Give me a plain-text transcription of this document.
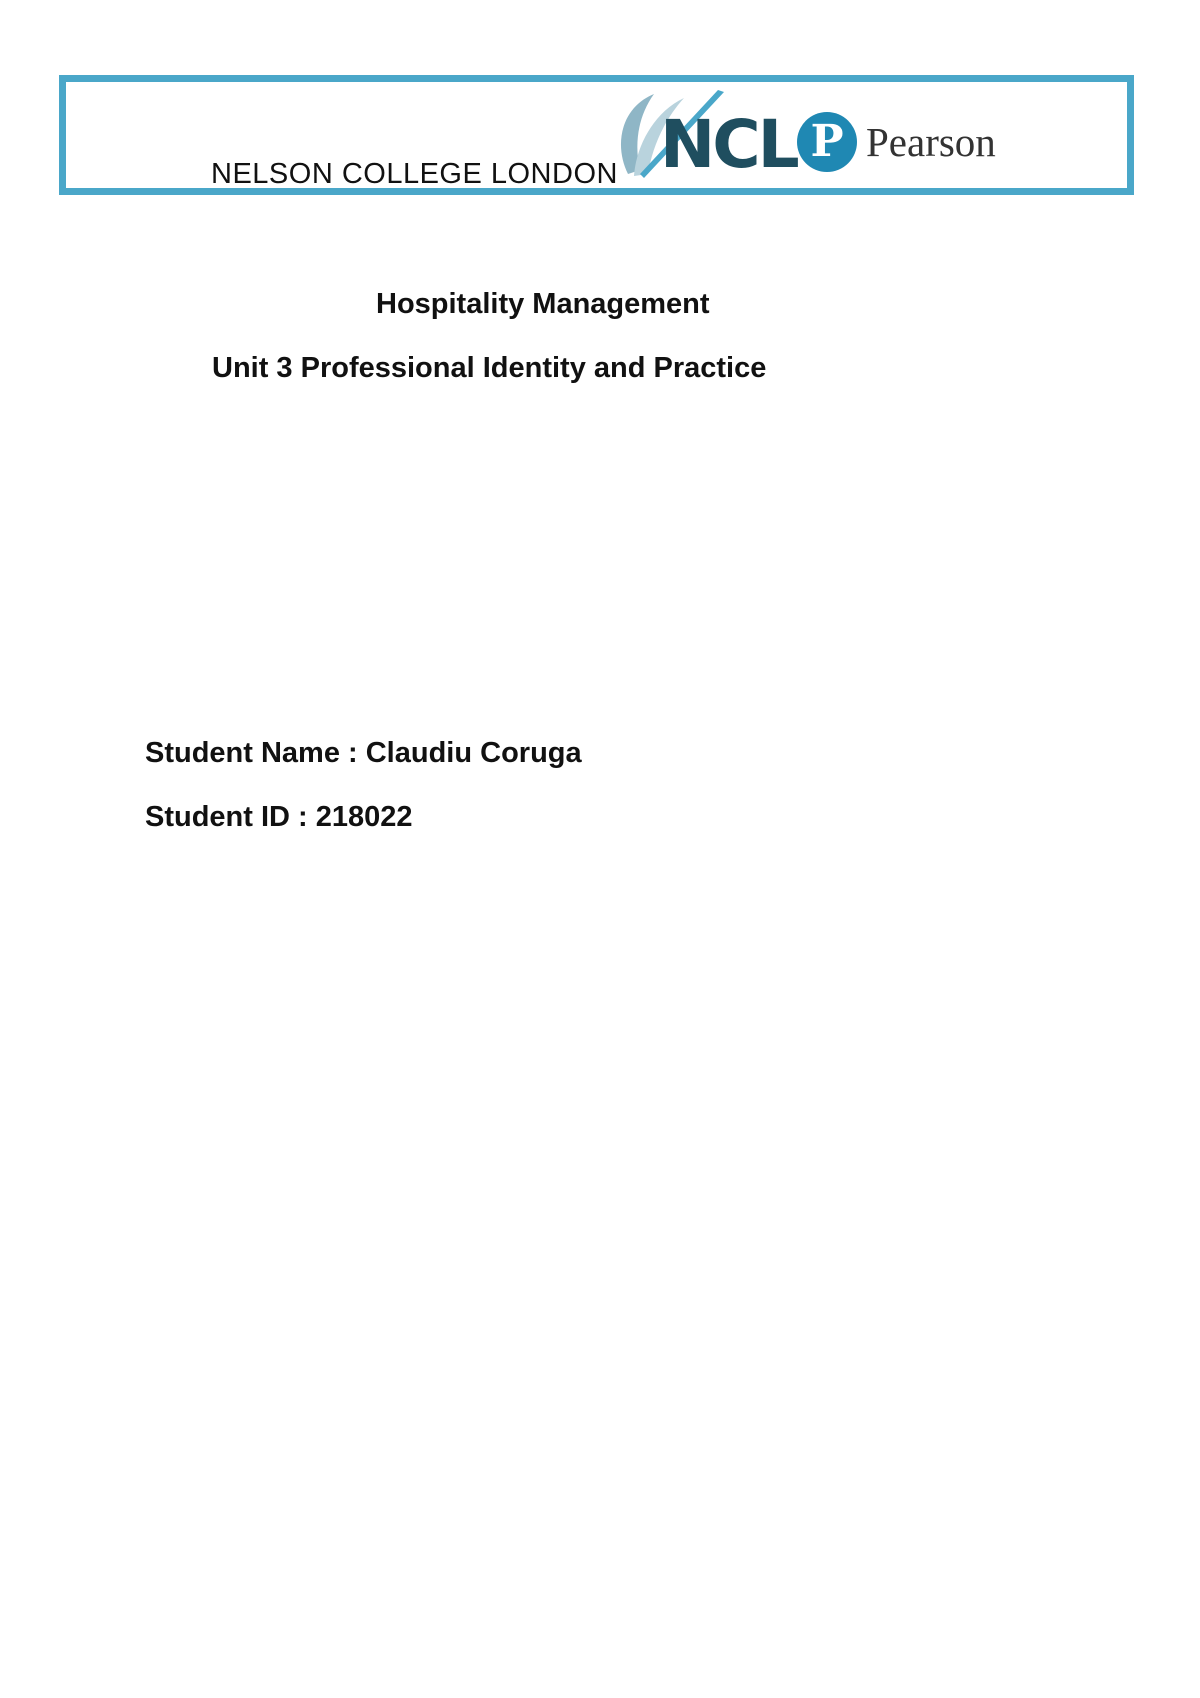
NELSON COLLEGE LONDON NCL P Pearson
Hospitality Management
Unit 3 Professional Identity and Practice
Student Name : Claudiu Coruga
Student ID : 218022
